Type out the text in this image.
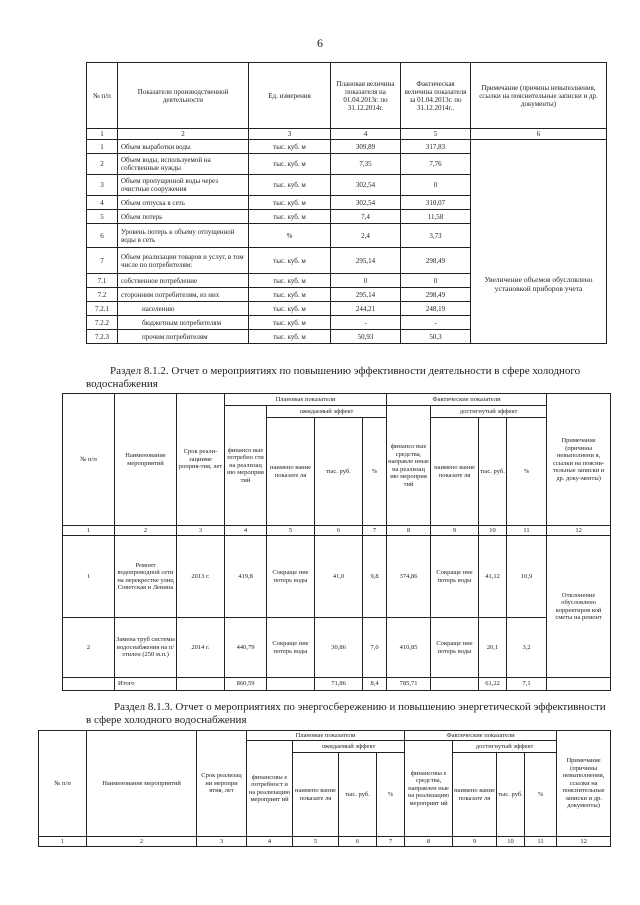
6
№ п/п	Показатели производственной деятельности	Ед. измерения	Плановая величина показателя на 01.04.2013г. по 31.12.2014г.	Фактическая величина показателя за 01.04.2013г. по 31.12.2014г..	Примечание (причины невыполнения, ссылки на пояснительные записки и др. документы)
1	2	3	4	5	6
1	Объем выработки воды	тыс. куб. м	309,89	317,83	Увеличение объемов обусловлено установкой приборов учета
2	Объем воды, используемой на собственные нужды	тыс. куб. м	7,35	7,76	
3	Объем пропущенной воды через очистные сооружения	тыс. куб. м	302,54	0	
4	Объем отпуска в сеть	тыс. куб. м	302,54	310,07	
5	Объем потерь	тыс. куб. м	7,4	11,58	
6	Уровень потерь к объему отпущенной воды в сеть	%	2,4	3,73	
7	Объем реализации товаров и услуг, в том числе по потребителям:	тыс. куб. м	295,14	298,49	
7.1	собственное потребление	тыс. куб. м	0	0	
7.2	сторонним потребителям, из них	тыс. куб. м	295,14	298,49	
7.2.1	населению	тыс. куб. м	244,21	248,19	
7.2.2	бюджетным потребителям	тыс. куб. м	-	-	
7.2.3	прочим потребителям	тыс. куб. м	50,93	50,3	
Раздел 8.1.2. Отчет о мероприятиях по повышению эффективности деятельности в сфере холодного водоснабжения
№ п/п	Наименование мероприятий	Срок реали-зацииме роприя-тия, лет	Плановые показатели				Фактические показатели				Примечание (причины невыполнени я, ссылки на поясни-тельные записки и др. доку-менты)
			финансо вые потребно сти на реализац ию мероприя тий	ожидаемый эффект			финансо вые средства, направле нные на реализац ию мероприя тий	достигнутый эффект			
				наимено вание показате ля	тыс. руб.	%		наимено вание показате ля	тыс. руб.	%	
1	2	3	4	5	6	7	8	9	10	11	12
1	Ремонт водопроводной сети на перекрестке улиц Советская и Ленина	2013 г.	419,8	Сокраще ние потерь воды	41,0	9,8	374,86	Сокраще ние потерь воды	41,12	10,9	Отклонение обусловлено корректиров кой сметы на ремонт
2	Замена труб системы водоснабжения на п/этилен (250 м.п.)	2014 г.	440,79	Сокраще ние потерь воды	30,86	7,0	410,85	Сокраще ние потерь воды	20,1	3,2	
	Итого		860,59		71,86	8,4	785,71		61,22	7,1	
Раздел 8.1.3. Отчет о мероприятиях по энергосбережению и повышению энергетической эффективности в сфере холодного водоснабжения
№ п/п	Наименование мероприятий	Срок реализац ии меропри ятия, лет	Плановые показатели				Фактические показатели				Примечание (причины невыполнения, ссылки на пояснительные записки и др. документы)
			финансовы е потребност и на реализацию мероприят ий	ожидаемый эффект			финансовы е средства, направлен ные на реализацию мероприят ий	достигнутый эффект			
				наимено вание показате ля	тыс. руб.	%		наимено вание показате ля	тыс. руб.	%	
1	2	3	4	5	6	7	8	9	10	11	12
